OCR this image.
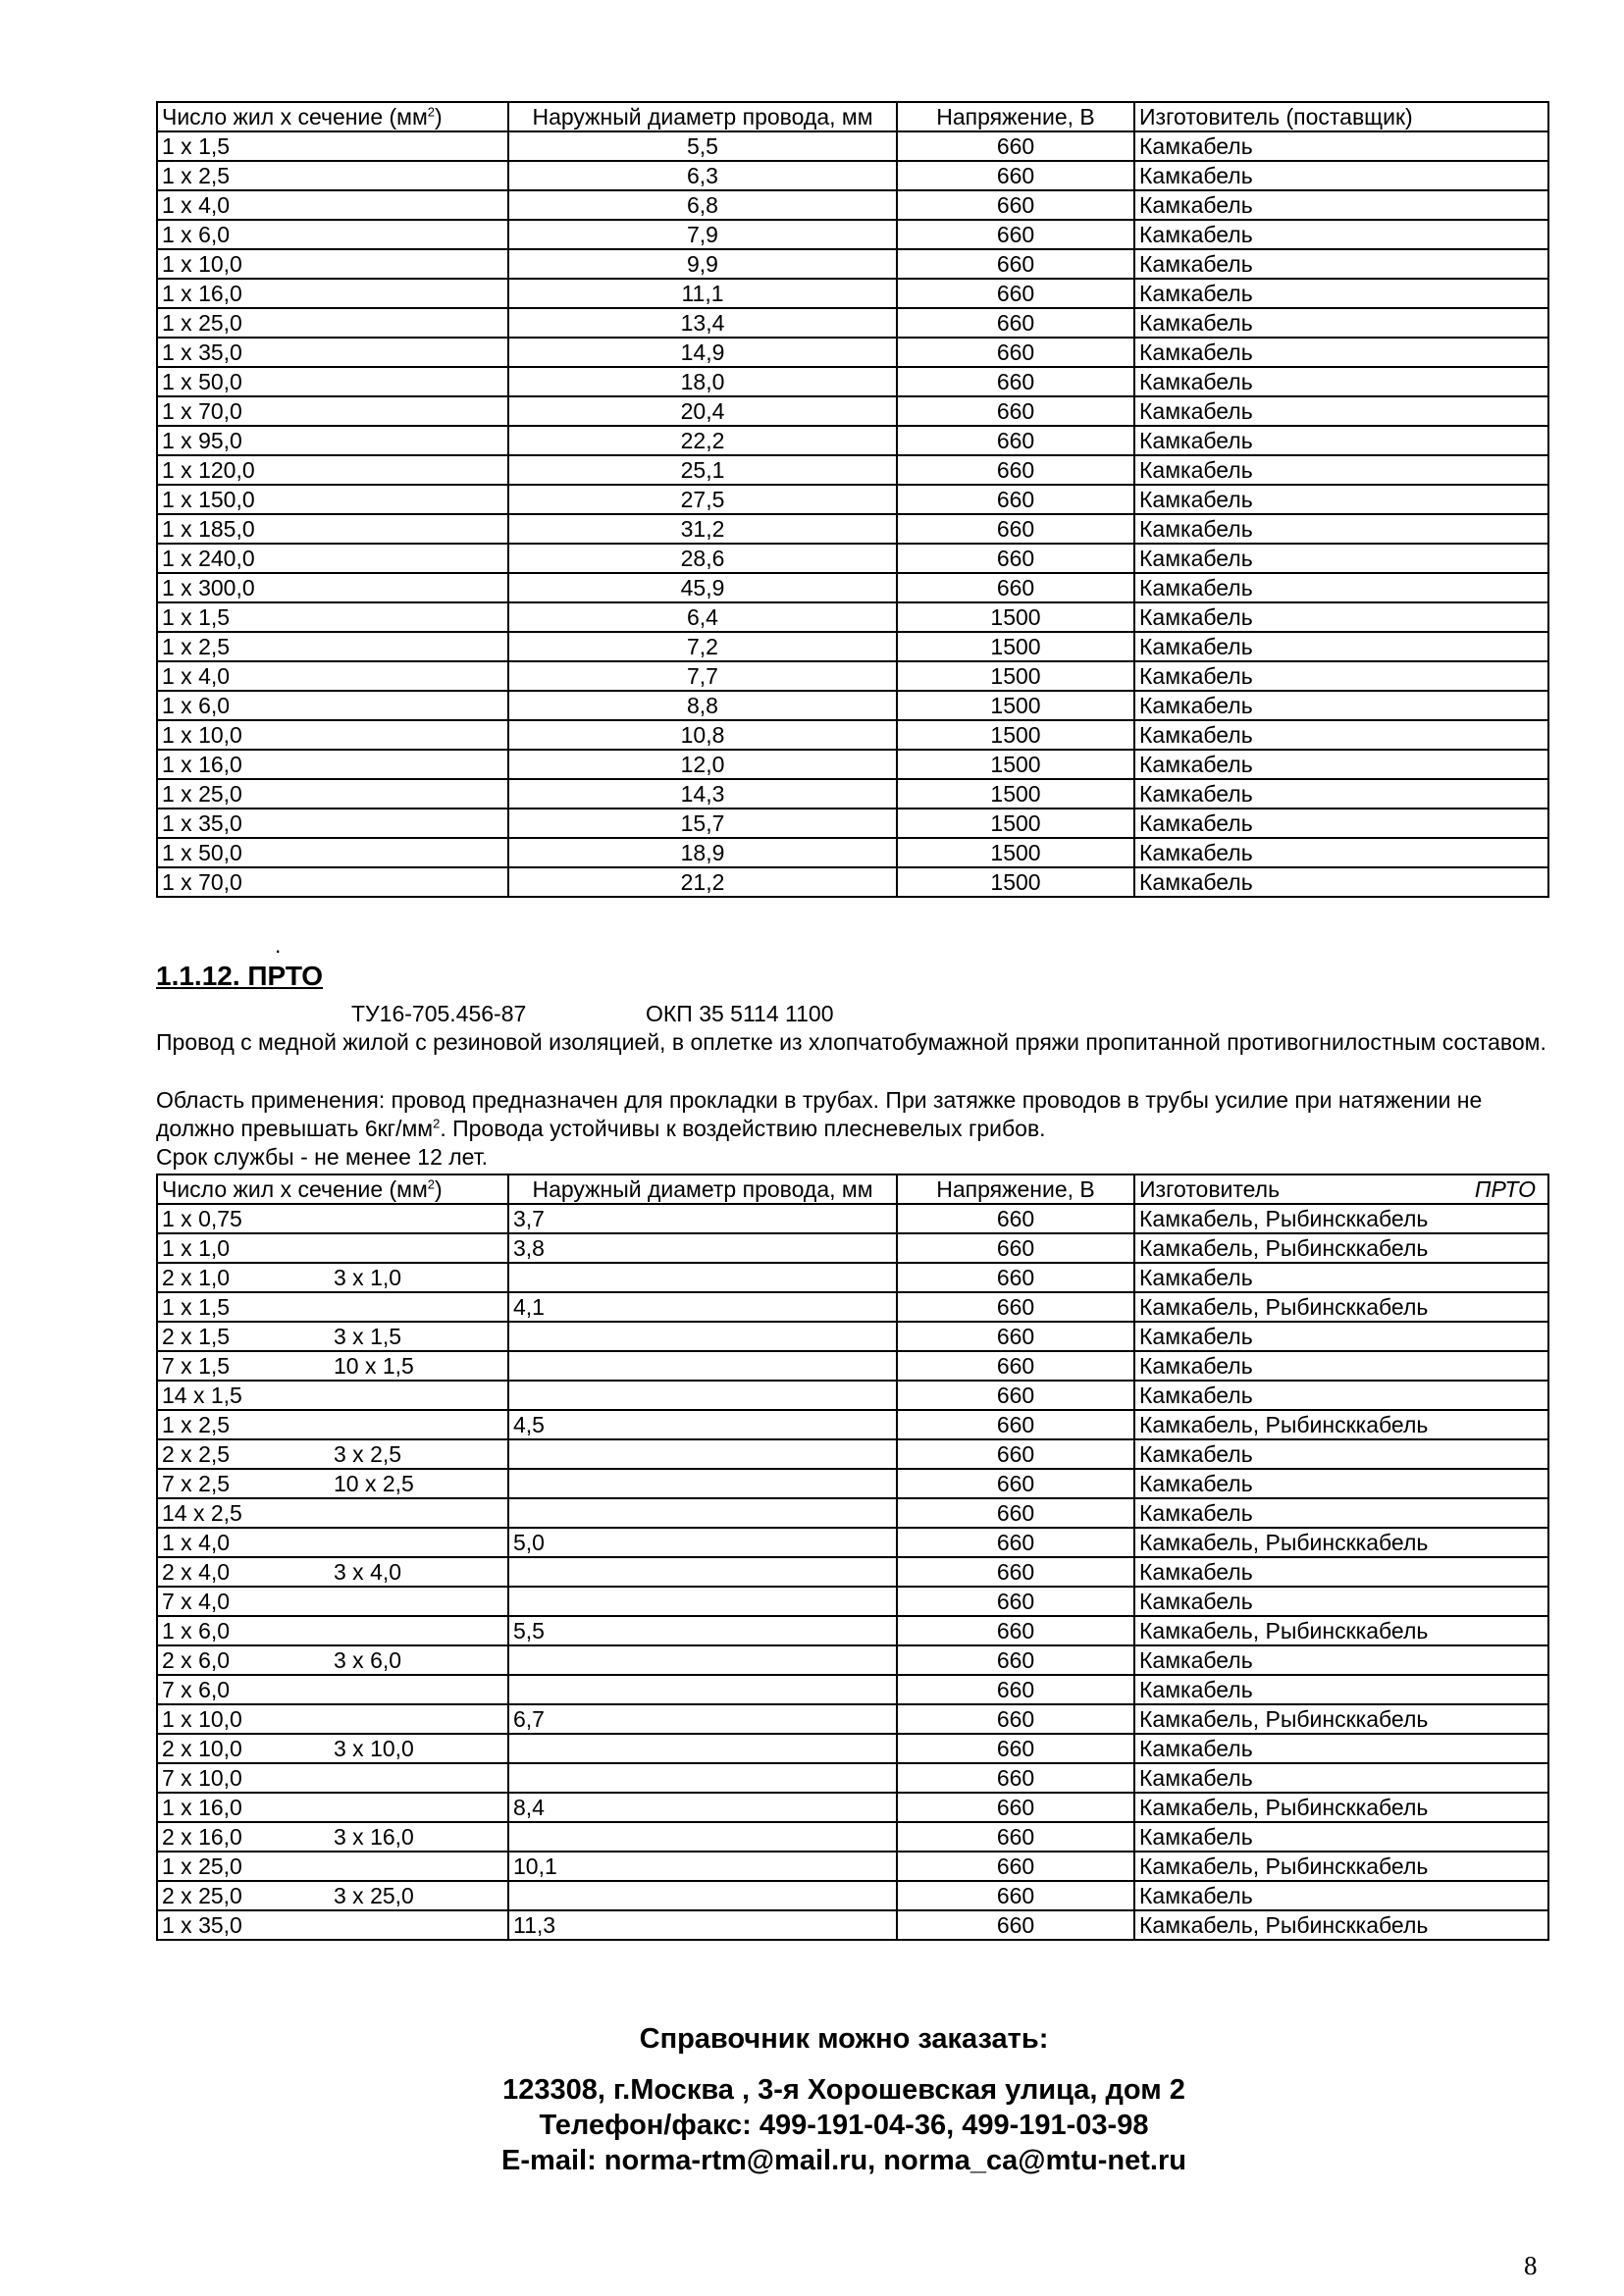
Число жил х сечение $(мм^2)$	Наружный диаметр провода, мм	Напряжение, В	Изготовитель (поставщик)
1 х 1,5	5,5	660	Камкабель
1 х 2,5	6,3	660	Камкабель
1 х 4,0	6,8	660	Камкабель
1 х 6,0	7,9	660	Камкабель
1 х 10,0	9,9	660	Камкабель
1 х 16,0	11,1	660	Камкабель
1 х 25,0	13,4	660	Камкабель
1 х 35,0	14,9	660	Камкабель
1 х 50,0	18,0	660	Камкабель
1 х 70,0	20,4	660	Камкабель
1 х 95,0	22,2	660	Камкабель
1 х 120,0	25,1	660	Камкабель
1 х 150,0	27,5	660	Камкабель
1 х 185,0	31,2	660	Камкабель
1 х 240,0	28,6	660	Камкабель
1 х 300,0	45,9	660	Камкабель
1 х 1,5	6,4	1500	Камкабель
1 х 2,5	7,2	1500	Камкабель
1 х 4,0	7,7	1500	Камкабель
1 х 6,0	8,8	1500	Камкабель
1 х 10,0	10,8	1500	Камкабель
1 х 16,0	12,0	1500	Камкабель
1 х 25,0	14,3	1500	Камкабель
1 х 35,0	15,7	1500	Камкабель
1 х 50,0	18,9	1500	Камкабель
1 х 70,0	21,2	1500	Камкабель
.
1.1.12. ПРТО
ТУ16-705.456-87	ОКП 35 5114 1100
Провод с медной жилой с резиновой изоляцией, в оплетке из хлопчатобумажной пряжи пропитанной противогнилостным составом.
Область применения: провод предназначен для прокладки в трубах. При затяжке проводов в трубы усилие при натяжении не должно превышать $6кг/мм^2$. Провода устойчивы к воздействию плесневелых грибов.
Срок службы - не менее 12 лет.
Число жил х сечение $(мм^2)$	Наружный диаметр провода, мм	Напряжение, В	Изготовитель ПРТО

1 х 0,75	3,7	660	Камкабель, Рыбинсккабель
1 х 1,0	3,8	660	Камкабель, Рыбинсккабель
2 х 1,0 3 х 1,0		660	Камкабель
1 х 1,5	4,1	660	Камкабель, Рыбинсккабель
2 х 1,5 3 х 1,5		660	Камкабель
7 х 1,5 10 х 1,5		660	Камкабель
14 х 1,5		660	Камкабель
1 х 2,5	4,5	660	Камкабель, Рыбинсккабель
2 х 2,5 3 х 2,5		660	Камкабель
7 х 2,5 10 х 2,5		660	Камкабель
14 х 2,5		660	Камкабель
1 х 4,0	5,0	660	Камкабель, Рыбинсккабель
2 х 4,0 3 х 4,0		660	Камкабель
7 х 4,0		660	Камкабель
1 х 6,0	5,5	660	Камкабель, Рыбинсккабель
2 х 6,0 3 х 6,0		660	Камкабель
7 х 6,0		660	Камкабель
1 х 10,0	6,7	660	Камкабель, Рыбинсккабель
2 х 10,0 3 х 10,0		660	Камкабель
7 х 10,0		660	Камкабель
1 х 16,0	8,4	660	Камкабель, Рыбинсккабель
2 х 16,0 3 х 16,0		660	Камкабель
1 х 25,0	10,1	660	Камкабель, Рыбинсккабель
2 х 25,0 3 х 25,0		660	Камкабель
1 х 35,0	11,3	660	Камкабель, Рыбинсккабель
Справочник можно заказать:
123308, г.Москва , 3-я Хорошевская улица, дом 2
Телефон/факс: 499-191-04-36, 499-191-03-98
E-mail: norma-rtm@mail.ru, norma_ca@mtu-net.ru
8
